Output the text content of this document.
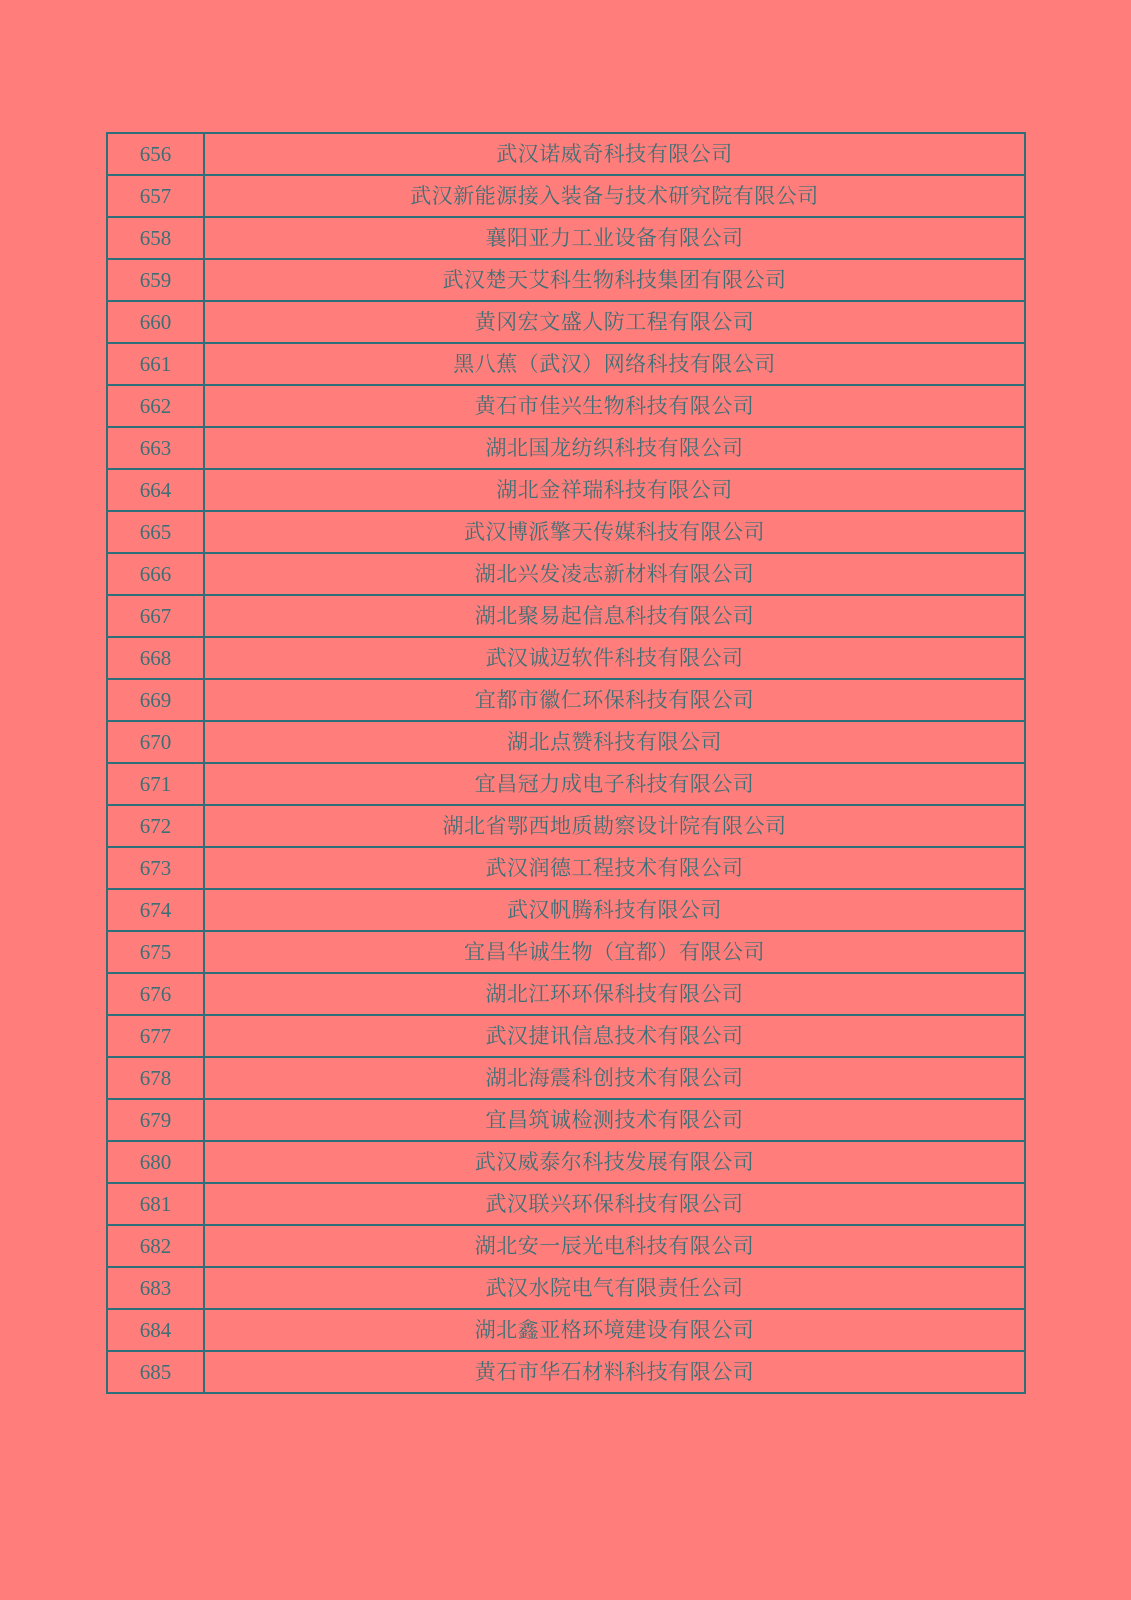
656	武汉诺威奇科技有限公司
657	武汉新能源接入装备与技术研究院有限公司
658	襄阳亚力工业设备有限公司
659	武汉楚天艾科生物科技集团有限公司
660	黄冈宏文盛人防工程有限公司
661	黑八蕉（武汉）网络科技有限公司
662	黄石市佳兴生物科技有限公司
663	湖北国龙纺织科技有限公司
664	湖北金祥瑞科技有限公司
665	武汉博派擎天传媒科技有限公司
666	湖北兴发凌志新材料有限公司
667	湖北聚易起信息科技有限公司
668	武汉诚迈软件科技有限公司
669	宜都市徽仁环保科技有限公司
670	湖北点赞科技有限公司
671	宜昌冠力成电子科技有限公司
672	湖北省鄂西地质勘察设计院有限公司
673	武汉润德工程技术有限公司
674	武汉帆腾科技有限公司
675	宜昌华诚生物（宜都）有限公司
676	湖北江环环保科技有限公司
677	武汉捷讯信息技术有限公司
678	湖北海震科创技术有限公司
679	宜昌筑诚检测技术有限公司
680	武汉威泰尔科技发展有限公司
681	武汉联兴环保科技有限公司
682	湖北安一辰光电科技有限公司
683	武汉水院电气有限责任公司
684	湖北鑫亚格环境建设有限公司
685	黄石市华石材料科技有限公司
